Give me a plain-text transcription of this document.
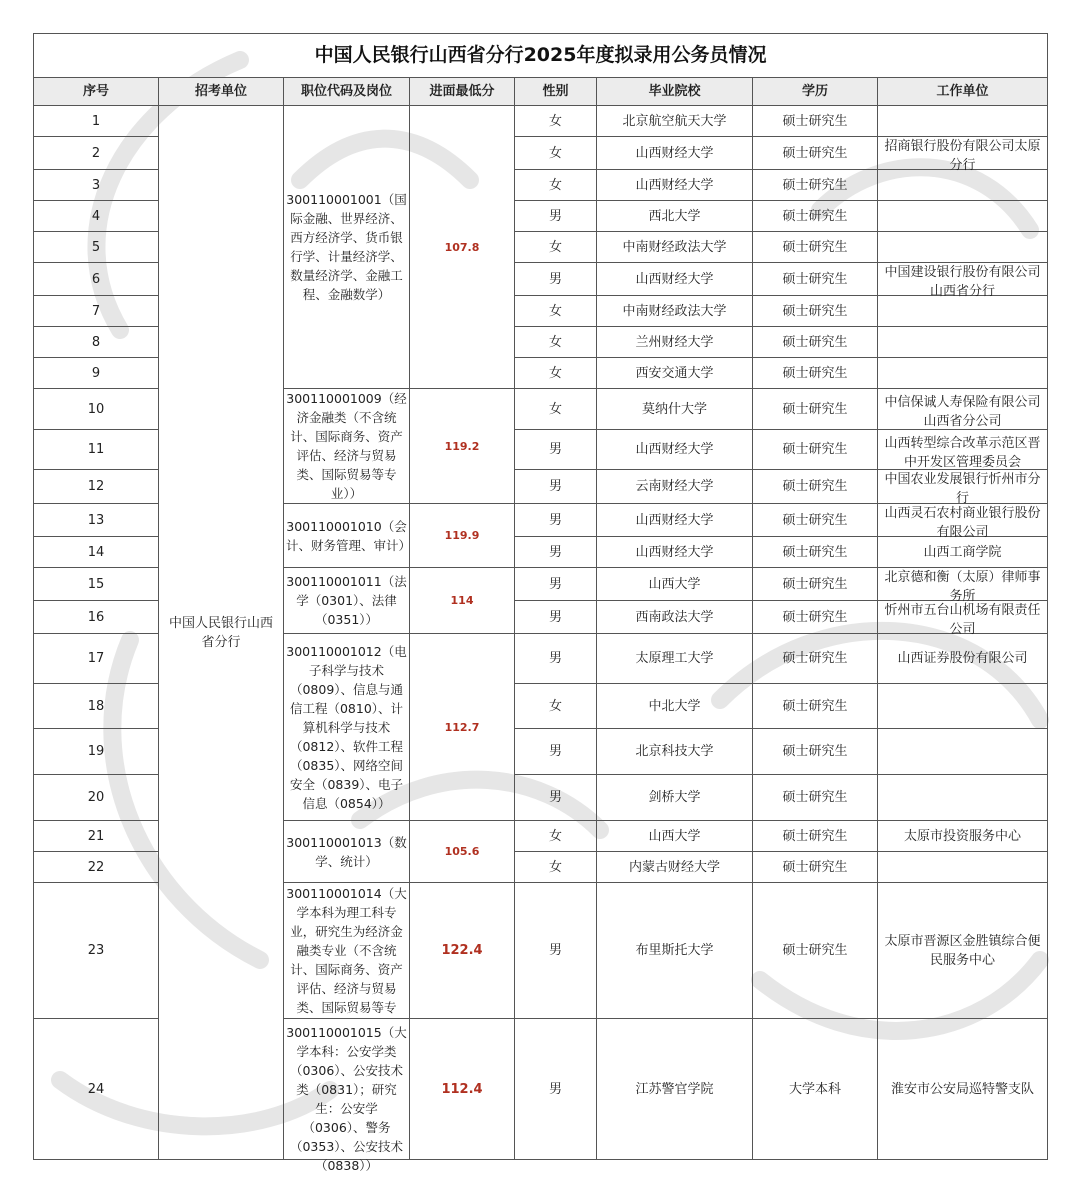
中国人民银行山西省分行2025年度拟录用公务员情况							
序号	招考单位	职位代码及岗位	进面最低分	性别	毕业院校	学历	工作单位
1	中国人民银行山西省分行	300110001001（国际金融、世界经济、西方经济学、货币银行学、计量经济学、数量经济学、金融工程、金融数学）	107.8	女	北京航空航天大学	硕士研究生	

2				女	山西财经大学	硕士研究生	招商银行股份有限公司太原分行

3				女	山西财经大学	硕士研究生	

4				男	西北大学	硕士研究生	

5				女	中南财经政法大学	硕士研究生	

6				男	山西财经大学	硕士研究生	中国建设银行股份有限公司山西省分行

7				女	中南财经政法大学	硕士研究生	

8				女	兰州财经大学	硕士研究生	

9				女	西安交通大学	硕士研究生	

10		300110001009（经济金融类（不含统计、国际商务、资产评估、经济与贸易类、国际贸易等专业））	119.2	女	莫纳什大学	硕士研究生	中信保诚人寿保险有限公司山西省分公司

11				男	山西财经大学	硕士研究生	山西转型综合改革示范区晋中开发区管理委员会

12				男	云南财经大学	硕士研究生	中国农业发展银行忻州市分行

13		300110001010（会计、财务管理、审计）	119.9	男	山西财经大学	硕士研究生	山西灵石农村商业银行股份有限公司

14				男	山西财经大学	硕士研究生	山西工商学院

15		300110001011（法学（0301）、法律（0351））	114	男	山西大学	硕士研究生	北京德和衡（太原）律师事务所

16				男	西南政法大学	硕士研究生	忻州市五台山机场有限责任公司

17		300110001012（电子科学与技术（0809）、信息与通信工程（0810）、计算机科学与技术（0812）、软件工程（0835）、网络空间安全（0839）、电子信息（0854））	112.7	男	太原理工大学	硕士研究生	山西证券股份有限公司

18				女	中北大学	硕士研究生	

19				男	北京科技大学	硕士研究生	

20				男	剑桥大学	硕士研究生	

21		300110001013（数学、统计）	105.6	女	山西大学	硕士研究生	太原市投资服务中心

22				女	内蒙古财经大学	硕士研究生	

23		300110001014（大学本科为理工科专业，研究生为经济金融类专业（不含统计、国际商务、资产评估、经济与贸易类、国际贸易等专	122.4	男	布里斯托大学	硕士研究生	太原市晋源区金胜镇综合便民服务中心

24		300110001015（大学本科：公安学类（0306）、公安技术类（0831）；研究生：公安学（0306）、警务（0353）、公安技术（0838））	112.4	男	江苏警官学院	大学本科	淮安市公安局巡特警支队
